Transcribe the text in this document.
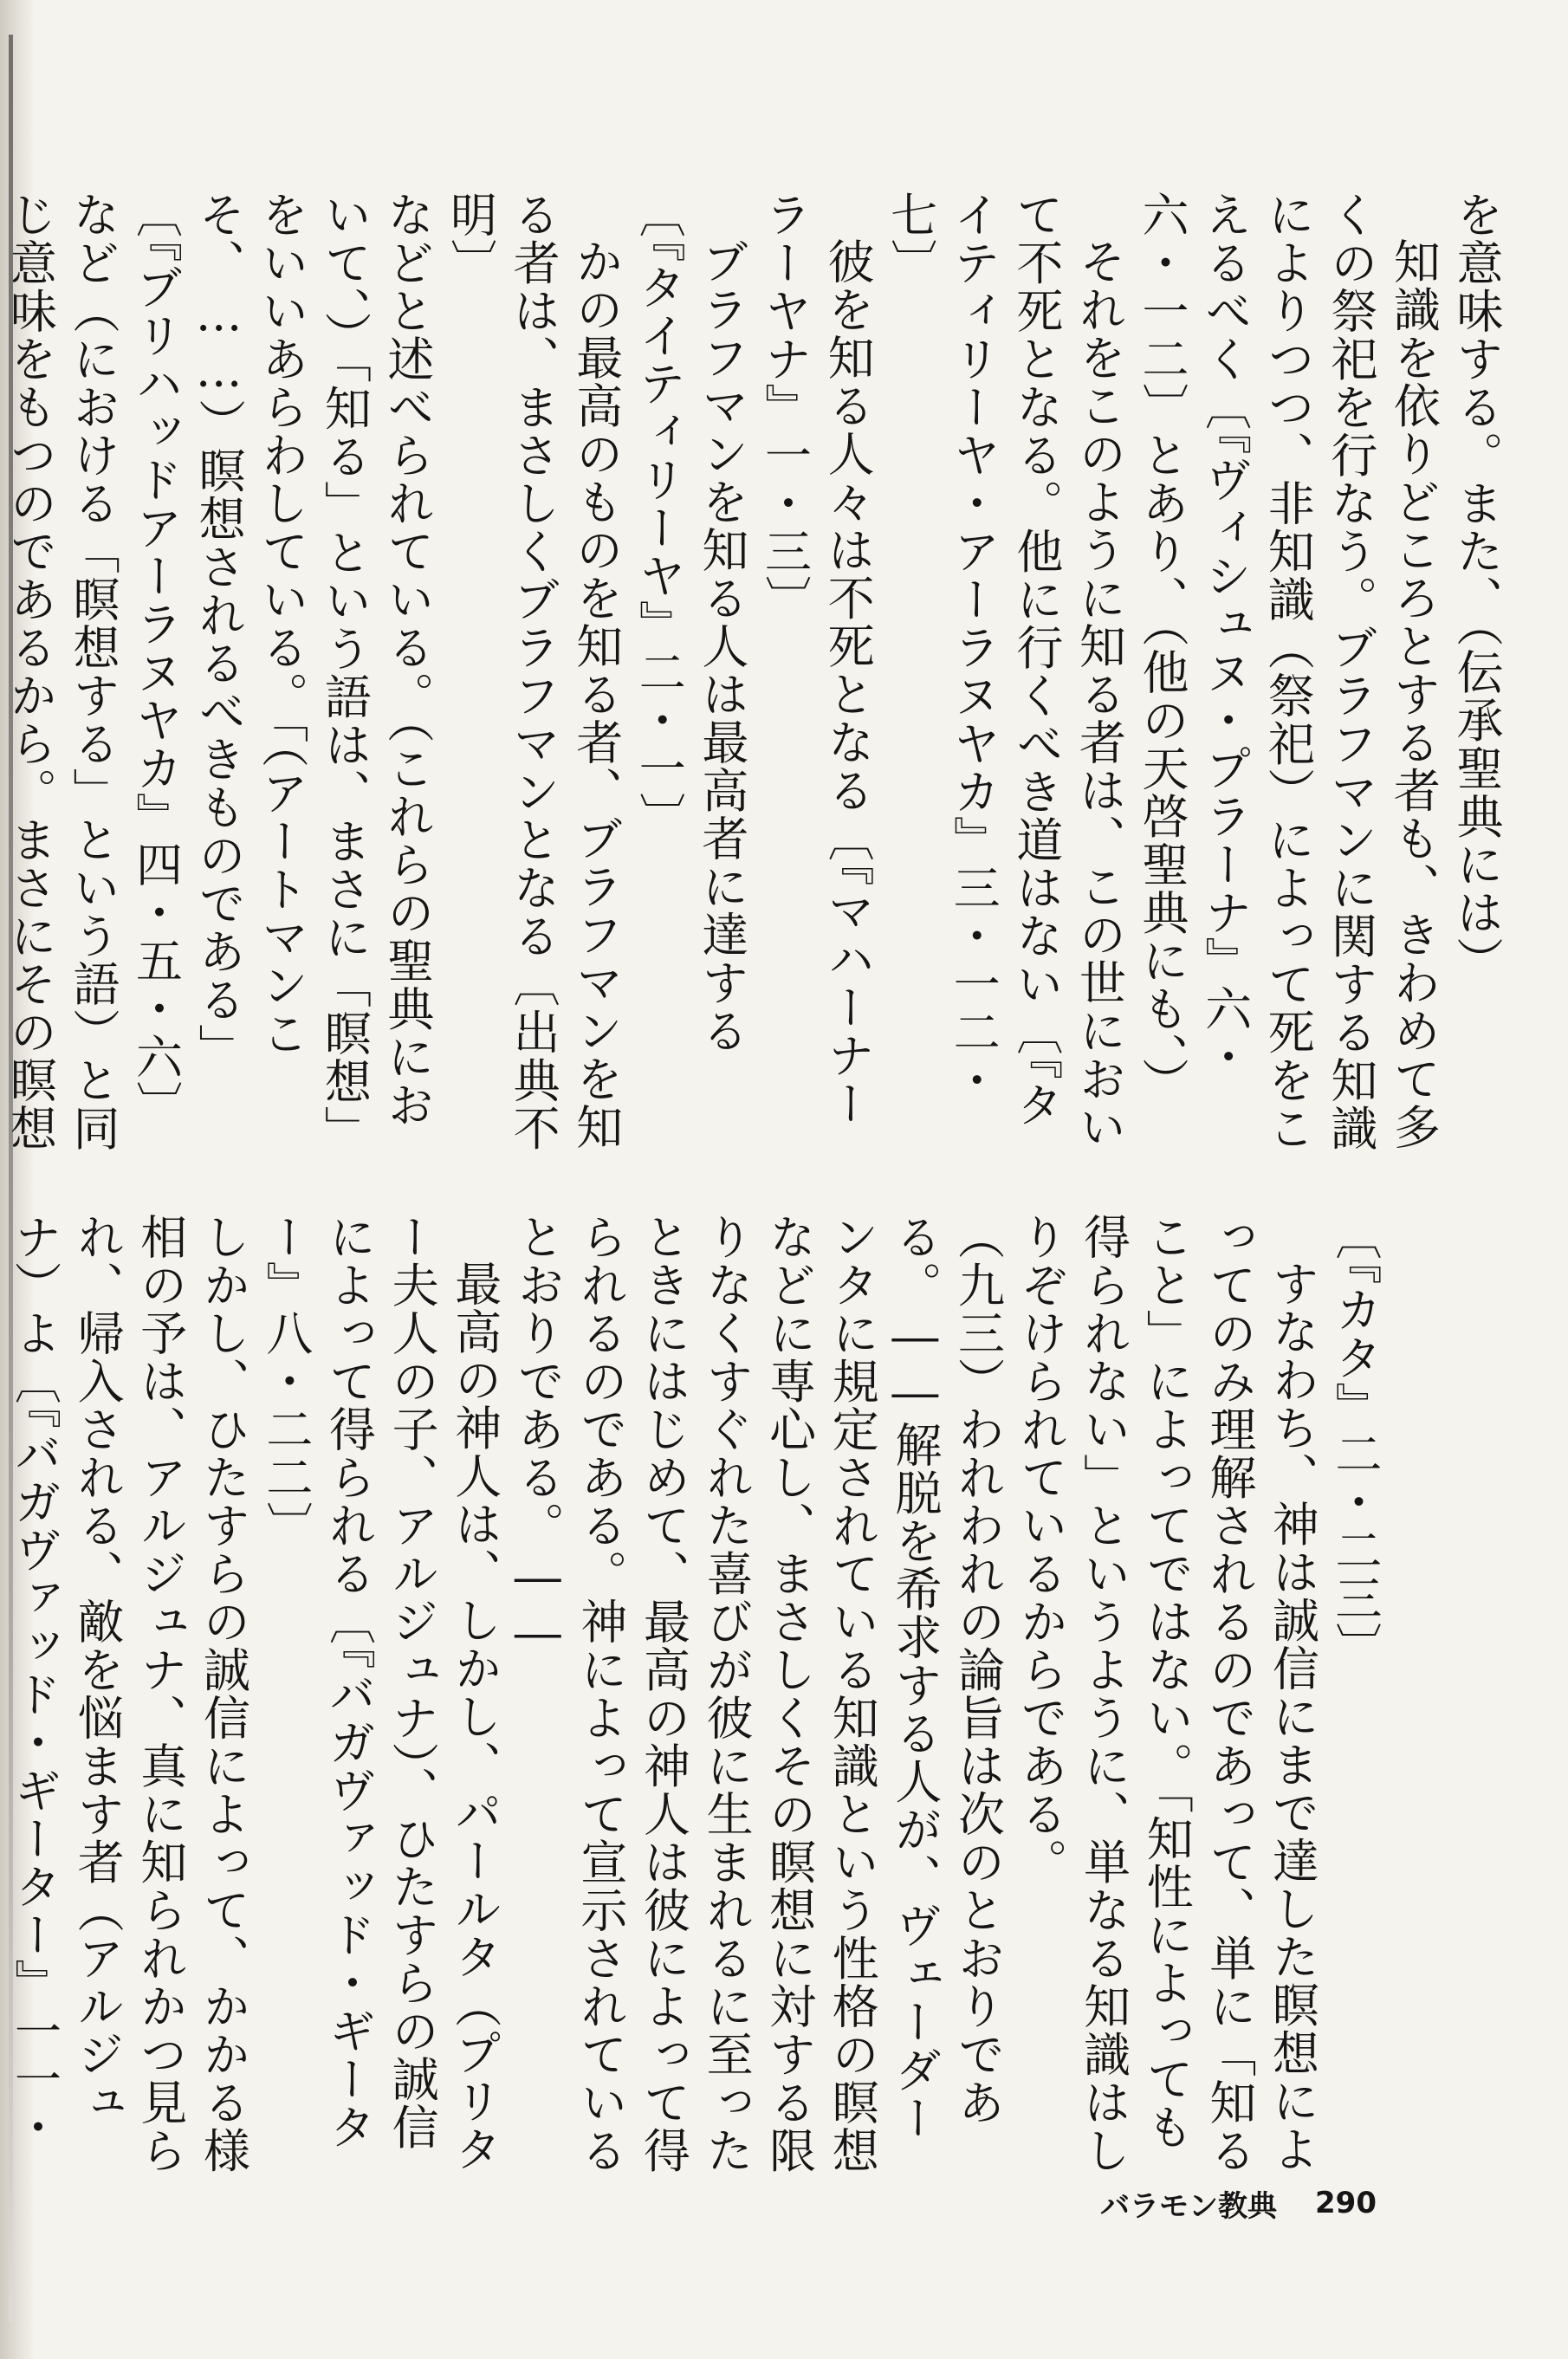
を意味する。また、（伝承聖典には）

知識を依りどころとする者も、きわめて多くの祭祀を行なう。ブラフマンに関する知識によりつつ、非知識（祭祀）によって死をこえるべく〔『ヴィシュヌ・プラーナ』六・六・一二〕とあり、（他の天啓聖典にも、）

それをこのように知る者は、この世において不死となる。他に行くべき道はない〔『タイティリーヤ・アーラヌヤカ』三・一二・七〕

彼を知る人々は不死となる〔『マハーナーラーヤナ』一・三〕

ブラフマンを知る人は最高者に達する〔『タイティリーヤ』二・一〕

かの最高のものを知る者、ブラフマンを知る者は、まさしくブラフマンとなる〔出典不明〕

などと述べられている。（これらの聖典において、）「知る」という語は、まさに「瞑想」をいいあらわしている。「（アートマンこそ、……）瞑想されるべきものである」〔『ブリハッドアーラヌヤカ』四・五・六〕など（における「瞑想する」という語）と同じ意味をもつのであるから。まさにその瞑想

〔『カタ』二・二三〕

すなわち、神は誠信にまで達した瞑想によってのみ理解されるのであって、単に「知ること」によってではない。「知性によっても得られない」というように、単なる知識はしりぞけられているからである。

（九三）われわれの論旨は次のとおりである。――解脱を希求する人が、ヴェーダーンタに規定されている知識という性格の瞑想などに専心し、まさしくその瞑想に対する限りなくすぐれた喜びが彼に生まれるに至ったときにはじめて、最高の神人は彼によって得られるのである。神によって宣示されているとおりである。――

最高の神人は、しかし、パールタ（プリター夫人の子、アルジュナ）、ひたすらの誠信によって得られる〔『バガヴァッド・ギーター』八・二二〕

しかし、ひたすらの誠信によって、かかる様相の予は、アルジュナ、真に知られかつ見られ、帰入される、敵を悩ます者（アルジュナ）よ〔『バガヴァッド・ギーター』一一・

バラモン教典 290
